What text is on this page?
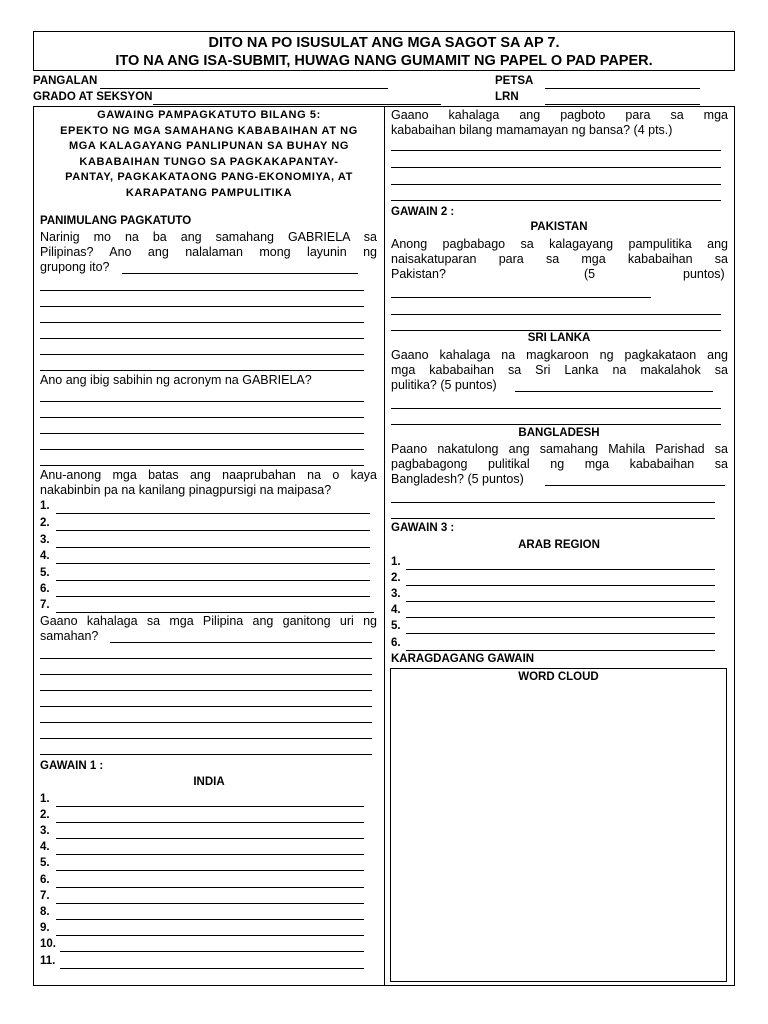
DITO NA PO ISUSULAT ANG MGA SAGOT SA AP 7.
ITO NA ANG ISA-SUBMIT, HUWAG NANG GUMAMIT NG PAPEL O PAD PAPER.
PANGALAN	PETSA
GRADO AT SEKSYON	LRN
GAWAING PAMPAGKATUTO BILANG 5:
EPEKTO NG MGA SAMAHANG KABABAIHAN AT NG
MGA KALAGAYANG PANLIPUNAN SA BUHAY NG
KABABAIHAN TUNGO SA PAGKAKAPANTAY-
PANTAY, PAGKAKATAONG PANG-EKONOMIYA, AT
KARAPATANG PAMPULITIKA
PANIMULANG PAGKATUTO
Narinig mo na ba ang samahang GABRIELA sa
Pilipinas? Ano ang nalalaman mong layunin ng
grupong ito?
Ano ang ibig sabihin ng acronym na GABRIELA?
Anu-anong mga batas ang naaprubahan na o kaya
nakabinbin pa na kanilang pinagpursigi na maipasa?
1.
2.
3.
4.
5.
6.
7.
Gaano kahalaga sa mga Pilipina ang ganitong uri ng
samahan?
GAWAIN 1 :
INDIA
1.
2.
3.
4.
5.
6.
7.
8.
9.
10.
11.
Gaano kahalaga ang pagboto para sa mga
kababaihan bilang mamamayan ng bansa? (4 pts.)
GAWAIN 2 :
PAKISTAN
Anong pagbabago sa kalagayang pampulitika ang
naisakatuparan para sa mga kababaihan sa
Pakistan?	(5	puntos)
SRI LANKA
Gaano kahalaga na magkaroon ng pagkakataon ang
mga kababaihan sa Sri Lanka na makalahok sa
pulitika? (5 puntos)
BANGLADESH
Paano nakatulong ang samahang Mahila Parishad sa
pagbabagong pulitikal ng mga kababaihan sa
Bangladesh? (5 puntos)
GAWAIN 3 :
ARAB REGION
1.
2.
3.
4.
5.
6.
KARAGDAGANG GAWAIN
WORD CLOUD
